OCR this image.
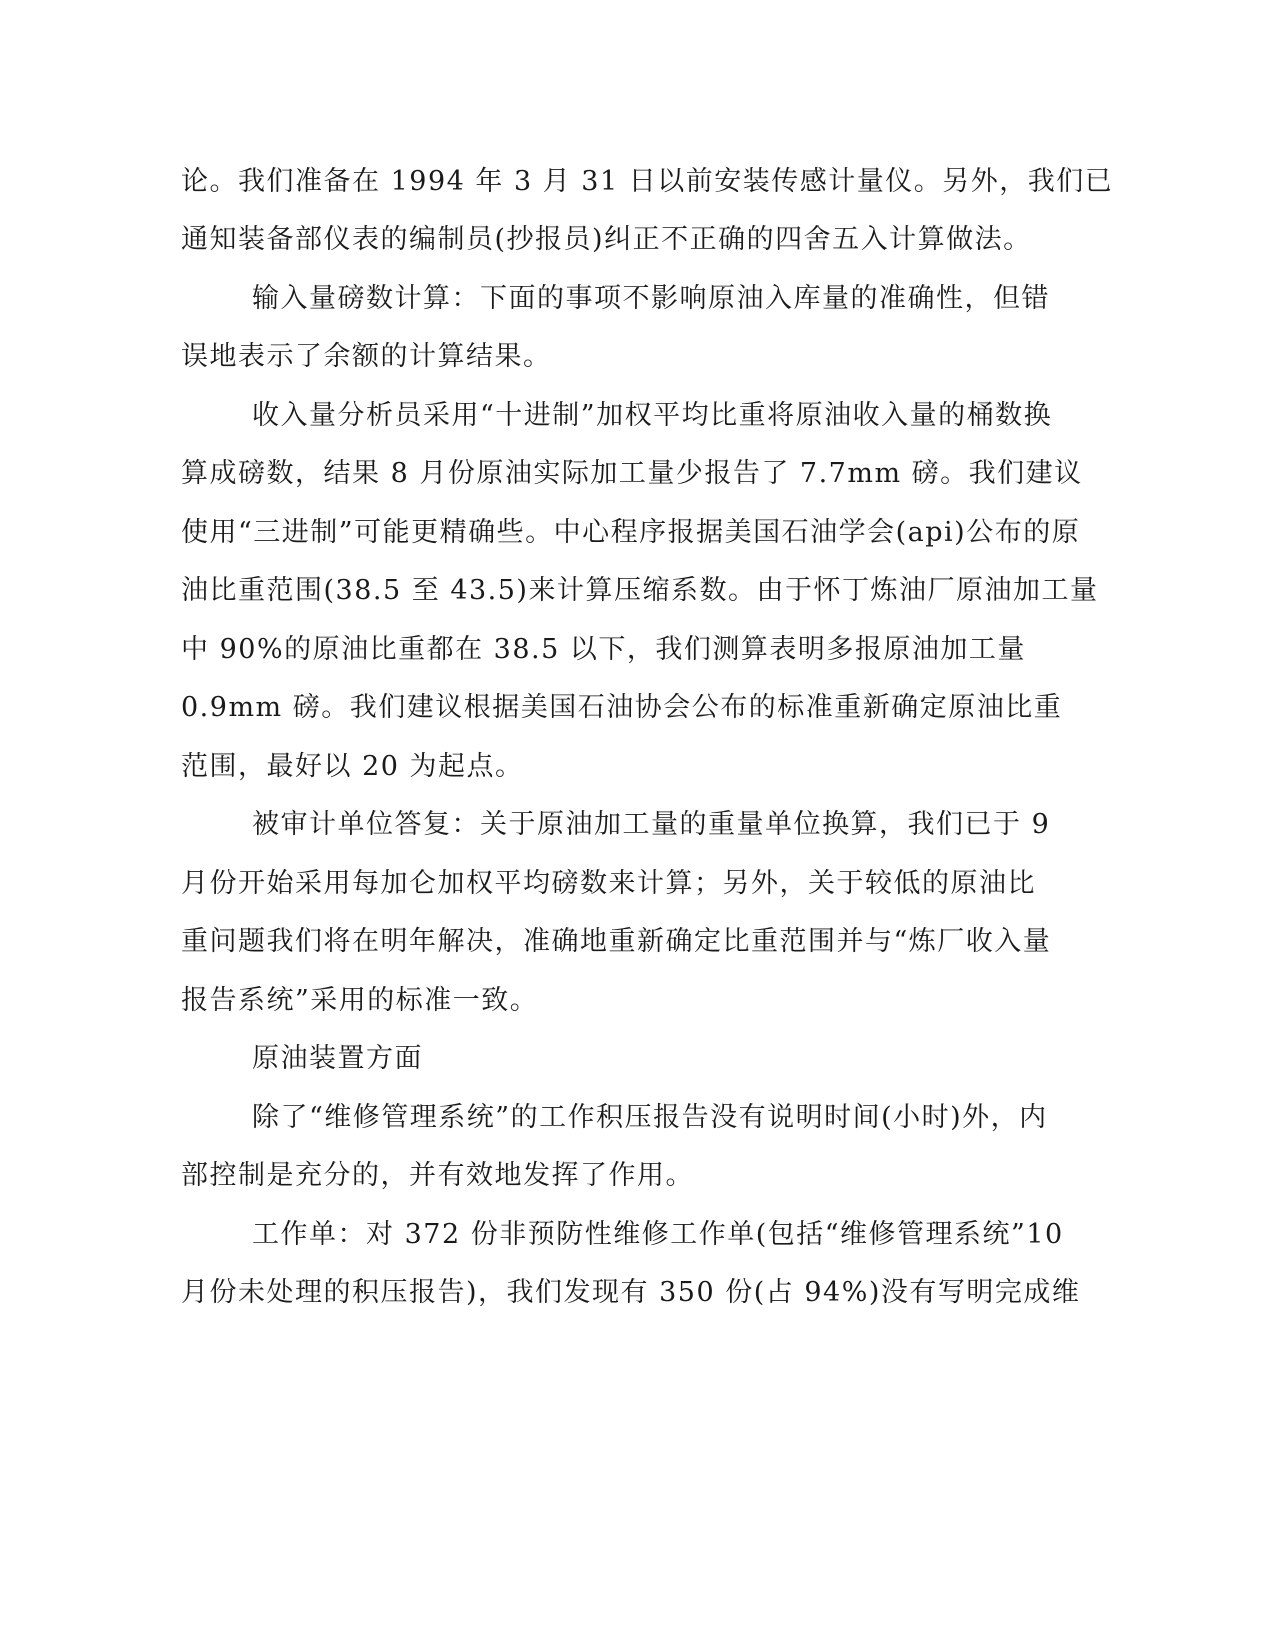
论。我们准备在 1994 年 3 月 31 日以前安装传感计量仪。另外，我们已
通知装备部仪表的编制员(抄报员)纠正不正确的四舍五入计算做法。
输入量磅数计算：下面的事项不影响原油入库量的准确性，但错
误地表示了余额的计算结果。
收入量分析员采用“十进制”加权平均比重将原油收入量的桶数换
算成磅数，结果 8 月份原油实际加工量少报告了 7.7mm 磅。我们建议
使用“三进制”可能更精确些。中心程序报据美国石油学会(api)公布的原
油比重范围(38.5 至 43.5)来计算压缩系数。由于怀丁炼油厂原油加工量
中 90%的原油比重都在 38.5 以下，我们测算表明多报原油加工量
0.9mm 磅。我们建议根据美国石油协会公布的标准重新确定原油比重
范围，最好以 20 为起点。
被审计单位答复：关于原油加工量的重量单位换算，我们已于 9
月份开始采用每加仑加权平均磅数来计算；另外，关于较低的原油比
重问题我们将在明年解决，准确地重新确定比重范围并与“炼厂收入量
报告系统”采用的标准一致。
原油装置方面
除了“维修管理系统”的工作积压报告没有说明时间(小时)外，内
部控制是充分的，并有效地发挥了作用。
工作单：对 372 份非预防性维修工作单(包括“维修管理系统”10
月份未处理的积压报告)，我们发现有 350 份(占 94%)没有写明完成维
